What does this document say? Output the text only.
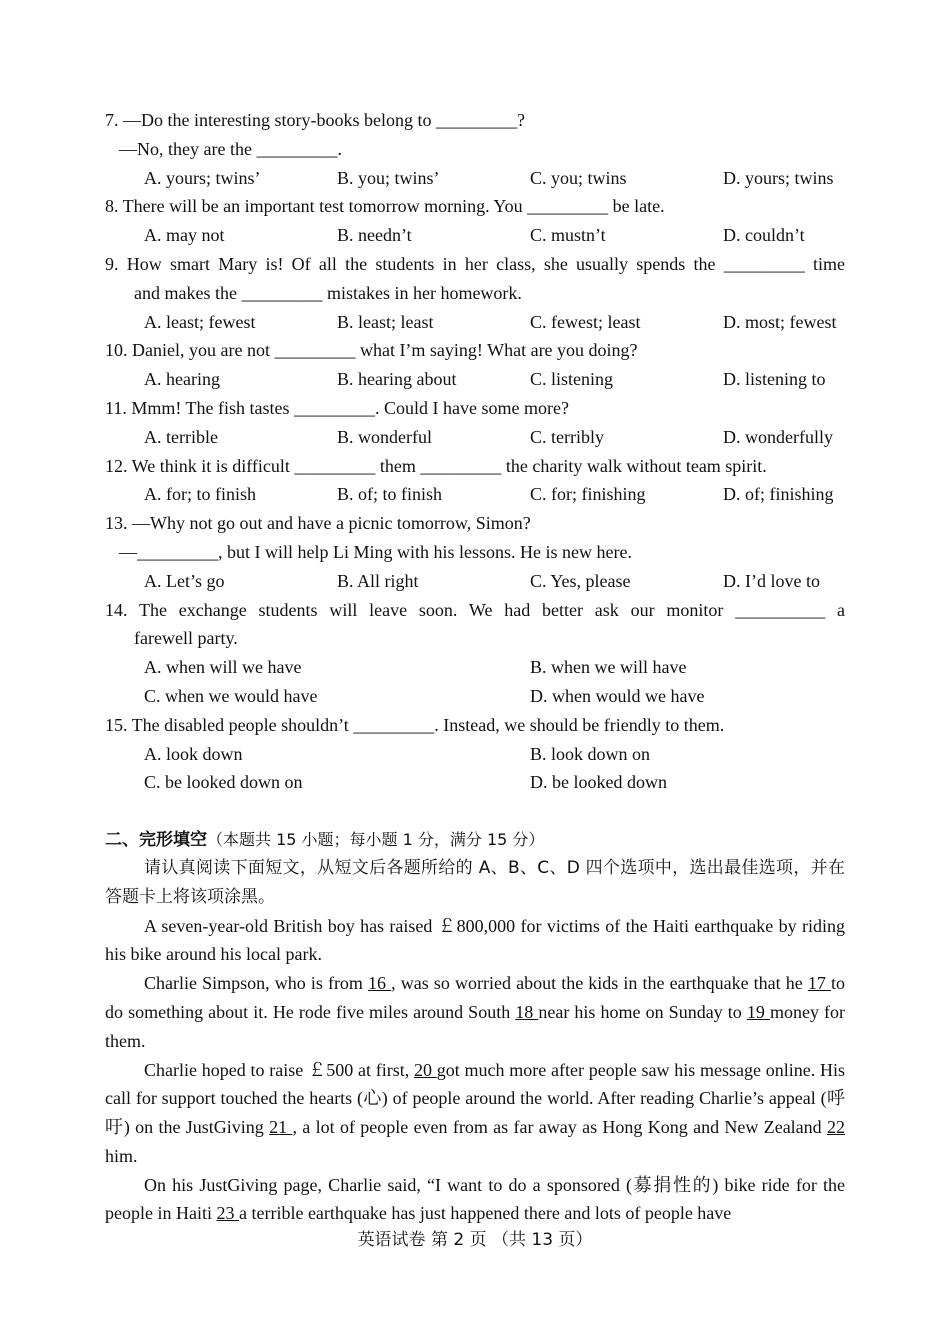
7. —Do the interesting story-books belong to _________?
—No, they are the _________.
A. yours; twins’	B. you; twins’	C. you; twins	D. yours; twins
8. There will be an important test tomorrow morning. You _________ be late.
A. may not	B. needn’t	C. mustn’t	D. couldn’t
9. How smart Mary is! Of all the students in her class, she usually spends the _________ time
and makes the _________ mistakes in her homework.
A. least; fewest	B. least; least	C. fewest; least	D. most; fewest
10. Daniel, you are not _________ what I’m saying! What are you doing?
A. hearing	B. hearing about	C. listening	D. listening to
11. Mmm! The fish tastes _________. Could I have some more?
A. terrible	B. wonderful	C. terribly	D. wonderfully
12. We think it is difficult _________ them _________ the charity walk without team spirit.
A. for; to finish	B. of; to finish	C. for; finishing	D. of; finishing
13. —Why not go out and have a picnic tomorrow, Simon?
—_________, but I will help Li Ming with his lessons. He is new here.
A. Let’s go	B. All right	C. Yes, please	D. I’d love to
14. The exchange students will leave soon. We had better ask our monitor __________ a
farewell party.
A. when will we have	B. when we will have
C. when we would have	D. when would we have
15. The disabled people shouldn’t _________. Instead, we should be friendly to them.
A. look down	B. look down on
C. be looked down on	D. be looked down
二、完形填空（本题共 15 小题；每小题 1 分，满分 15 分）
请认真阅读下面短文，从短文后各题所给的 A、B、C、D 四个选项中，选出最佳选项，并在答题卡上将该项涂黑。
A seven-year-old British boy has raised ￡800,000 for victims of the Haiti earthquake by riding his bike around his local park.
Charlie Simpson, who is from 16 , was so worried about the kids in the earthquake that he 17 to do something about it. He rode five miles around South 18 near his home on Sunday to 19 money for them.
Charlie hoped to raise ￡500 at first, 20 got much more after people saw his message online. His call for support touched the hearts (心) of people around the world. After reading Charlie’s appeal (呼吁) on the JustGiving 21 , a lot of people even from as far away as Hong Kong and New Zealand 22 him.
On his JustGiving page, Charlie said, “I want to do a sponsored (募捐性的) bike ride for the people in Haiti 23 a terrible earthquake has just happened there and lots of people have
英语试卷 第 2 页 （共 13 页）
